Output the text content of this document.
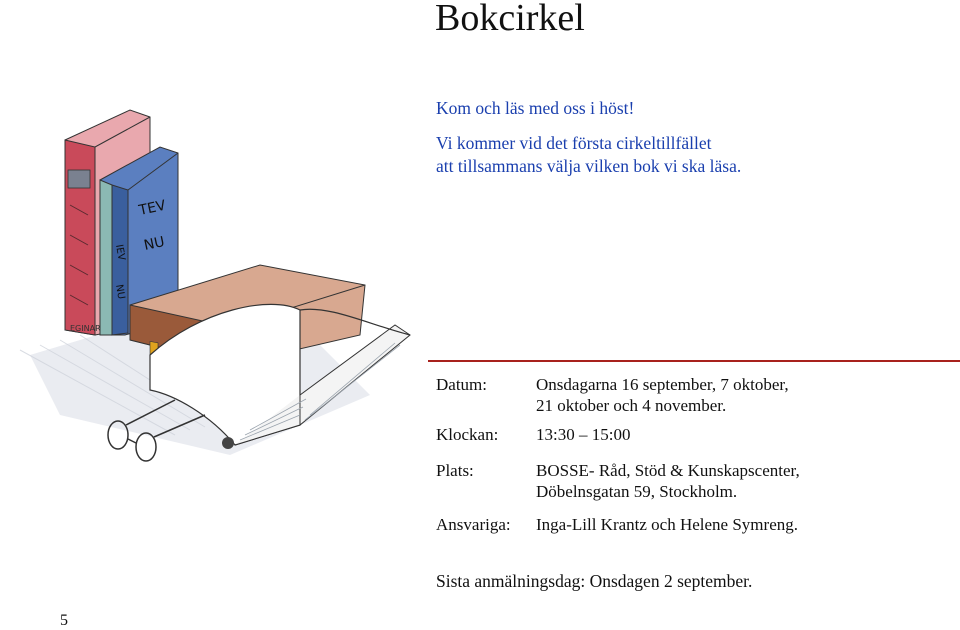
Bokcirkel
Kom och läs med oss i höst!
Vi kommer vid det första cirkeltillfället
att tillsammans välja vilken bok vi ska läsa.
IEV
NU
TEV
NU
EGINAR
Datum:	Onsdagarna 16 september, 7 oktober,
21 oktober och 4 november.
Klockan:	13:30 – 15:00
Plats:	BOSSE- Råd, Stöd & Kunskapscenter,
Döbelnsgatan 59, Stockholm.
Ansvariga:	Inga-Lill Krantz och Helene Symreng.
Sista anmälningsdag: Onsdagen 2 september.
5
